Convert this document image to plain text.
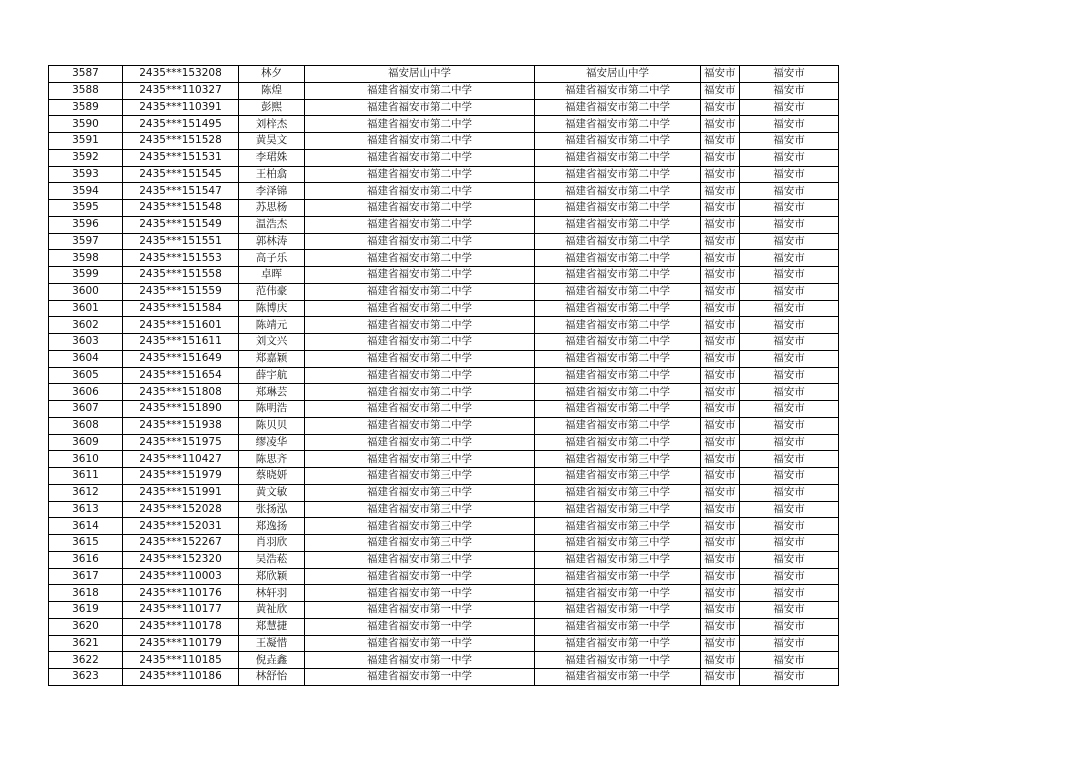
3587	2435***153208	林夕	福安居山中学	福安居山中学	福安市	福安市
3588	2435***110327	陈煌	福建省福安市第二中学	福建省福安市第二中学	福安市	福安市
3589	2435***110391	彭熙	福建省福安市第二中学	福建省福安市第二中学	福安市	福安市
3590	2435***151495	刘梓杰	福建省福安市第二中学	福建省福安市第二中学	福安市	福安市
3591	2435***151528	黄昊文	福建省福安市第二中学	福建省福安市第二中学	福安市	福安市
3592	2435***151531	李珺姝	福建省福安市第二中学	福建省福安市第二中学	福安市	福安市
3593	2435***151545	王柏翕	福建省福安市第二中学	福建省福安市第二中学	福安市	福安市
3594	2435***151547	李泽锦	福建省福安市第二中学	福建省福安市第二中学	福安市	福安市
3595	2435***151548	苏思杨	福建省福安市第二中学	福建省福安市第二中学	福安市	福安市
3596	2435***151549	温浩杰	福建省福安市第二中学	福建省福安市第二中学	福安市	福安市
3597	2435***151551	郭林涛	福建省福安市第二中学	福建省福安市第二中学	福安市	福安市
3598	2435***151553	高子乐	福建省福安市第二中学	福建省福安市第二中学	福安市	福安市
3599	2435***151558	卓晖	福建省福安市第二中学	福建省福安市第二中学	福安市	福安市
3600	2435***151559	范伟豪	福建省福安市第二中学	福建省福安市第二中学	福安市	福安市
3601	2435***151584	陈博庆	福建省福安市第二中学	福建省福安市第二中学	福安市	福安市
3602	2435***151601	陈靖元	福建省福安市第二中学	福建省福安市第二中学	福安市	福安市
3603	2435***151611	刘文兴	福建省福安市第二中学	福建省福安市第二中学	福安市	福安市
3604	2435***151649	郑嘉颖	福建省福安市第二中学	福建省福安市第二中学	福安市	福安市
3605	2435***151654	薛宇航	福建省福安市第二中学	福建省福安市第二中学	福安市	福安市
3606	2435***151808	郑琳芸	福建省福安市第二中学	福建省福安市第二中学	福安市	福安市
3607	2435***151890	陈明浩	福建省福安市第二中学	福建省福安市第二中学	福安市	福安市
3608	2435***151938	陈贝贝	福建省福安市第二中学	福建省福安市第二中学	福安市	福安市
3609	2435***151975	缪凌华	福建省福安市第二中学	福建省福安市第二中学	福安市	福安市
3610	2435***110427	陈思齐	福建省福安市第三中学	福建省福安市第三中学	福安市	福安市
3611	2435***151979	蔡晓妍	福建省福安市第三中学	福建省福安市第三中学	福安市	福安市
3612	2435***151991	黄文敏	福建省福安市第三中学	福建省福安市第三中学	福安市	福安市
3613	2435***152028	张扬泓	福建省福安市第三中学	福建省福安市第三中学	福安市	福安市
3614	2435***152031	郑逸扬	福建省福安市第三中学	福建省福安市第三中学	福安市	福安市
3615	2435***152267	肖羽欣	福建省福安市第三中学	福建省福安市第三中学	福安市	福安市
3616	2435***152320	吴浩菘	福建省福安市第三中学	福建省福安市第三中学	福安市	福安市
3617	2435***110003	郑欣颖	福建省福安市第一中学	福建省福安市第一中学	福安市	福安市
3618	2435***110176	林轩羽	福建省福安市第一中学	福建省福安市第一中学	福安市	福安市
3619	2435***110177	黄祉欣	福建省福安市第一中学	福建省福安市第一中学	福安市	福安市
3620	2435***110178	郑慧捷	福建省福安市第一中学	福建省福安市第一中学	福安市	福安市
3621	2435***110179	王凝惜	福建省福安市第一中学	福建省福安市第一中学	福安市	福安市
3622	2435***110185	倪垚鑫	福建省福安市第一中学	福建省福安市第一中学	福安市	福安市
3623	2435***110186	林舒怡	福建省福安市第一中学	福建省福安市第一中学	福安市	福安市
